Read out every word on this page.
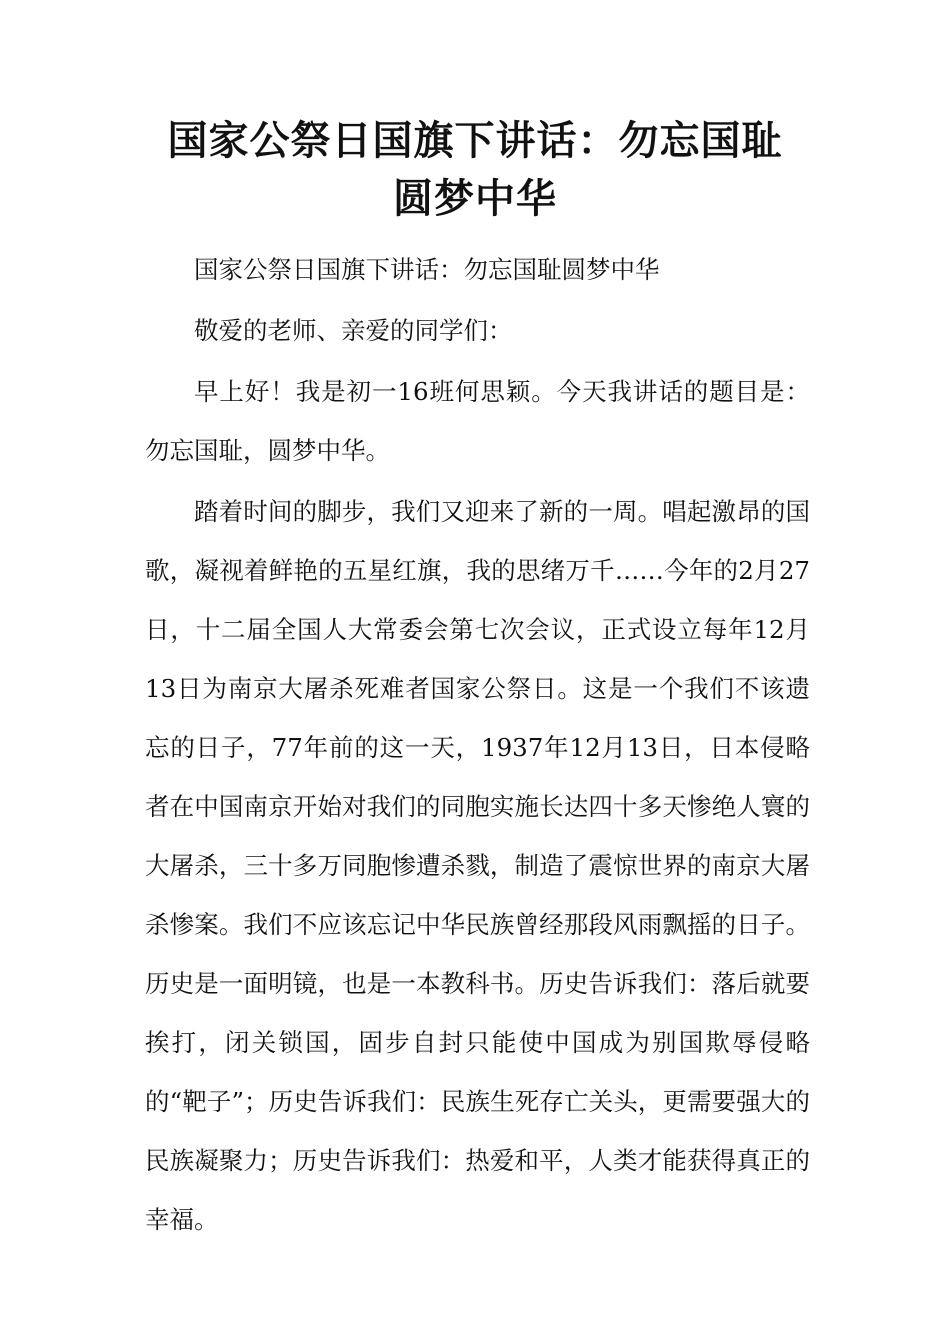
国家公祭日国旗下讲话：勿忘国耻 圆梦中华

国家公祭日国旗下讲话：勿忘国耻圆梦中华

敬爱的老师、亲爱的同学们：

早上好！我是初一16班何思颖。今天我讲话的题目是：勿忘国耻，圆梦中华。

踏着时间的脚步，我们又迎来了新的一周。唱起激昂的国歌，凝视着鲜艳的五星红旗，我的思绪万千……今年的2月27日，十二届全国人大常委会第七次会议，正式设立每年12月13日为南京大屠杀死难者国家公祭日。这是一个我们不该遗忘的日子，77年前的这一天，1937年12月13日，日本侵略者在中国南京开始对我们的同胞实施长达四十多天惨绝人寰的大屠杀，三十多万同胞惨遭杀戮，制造了震惊世界的南京大屠杀惨案。我们不应该忘记中华民族曾经那段风雨飘摇的日子。历史是一面明镜，也是一本教科书。历史告诉我们：落后就要挨打，闭关锁国，固步自封只能使中国成为别国欺辱侵略的“靶子”；历史告诉我们：民族生死存亡关头，更需要强大的民族凝聚力；历史告诉我们：热爱和平，人类才能获得真正的幸福。
